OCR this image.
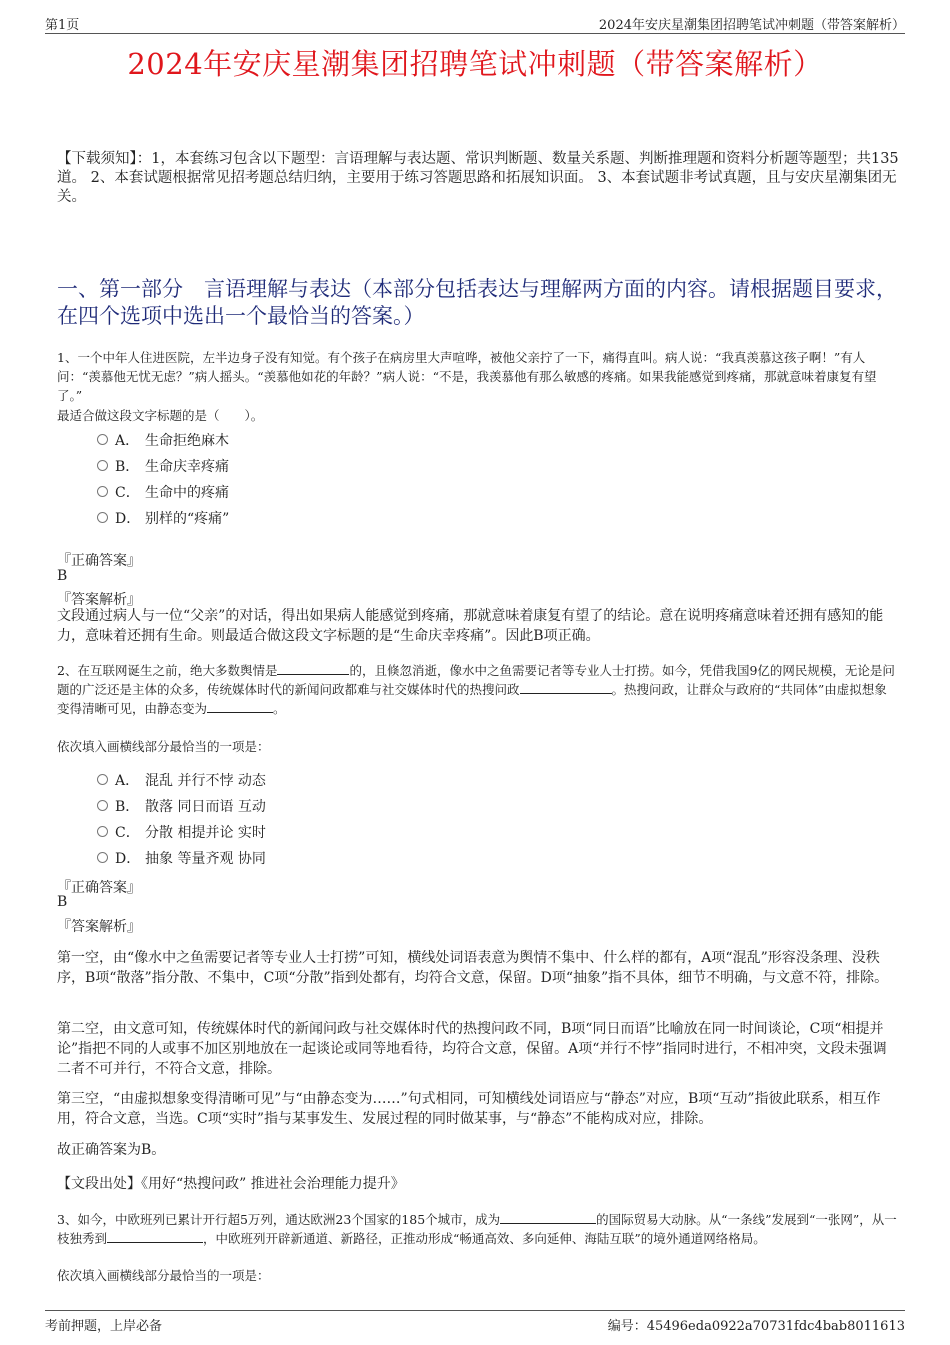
第1页	2024年安庆星潮集团招聘笔试冲刺题（带答案解析）
2024年安庆星潮集团招聘笔试冲刺题（带答案解析）
【下载须知】：1，本套练习包含以下题型：言语理解与表达题、常识判断题、数量关系题、判断推理题和资料分析题等题型；共135道。 2、本套试题根据常见招考题总结归纳，主要用于练习答题思路和拓展知识面。 3、本套试题非考试真题，且与安庆星潮集团无关。
一、第一部分　言语理解与表达（本部分包括表达与理解两方面的内容。请根据题目要求，在四个选项中选出一个最恰当的答案。）
1、一个中年人住进医院，左半边身子没有知觉。有个孩子在病房里大声喧哗，被他父亲拧了一下，痛得直叫。病人说：“我真羡慕这孩子啊！”有人问：“羡慕他无忧无虑？”病人摇头。“羡慕他如花的年龄？”病人说：“不是，我羡慕他有那么敏感的疼痛。如果我能感觉到疼痛，那就意味着康复有望了。”
最适合做这段文字标题的是（　　）。
A． 生命拒绝麻木
B． 生命庆幸疼痛
C． 生命中的疼痛
D． 别样的“疼痛”
『正确答案』
B
『答案解析』
文段通过病人与一位“父亲”的对话，得出如果病人能感觉到疼痛，那就意味着康复有望了的结论。意在说明疼痛意味着还拥有感知的能力，意味着还拥有生命。则最适合做这段文字标题的是“生命庆幸疼痛”。因此B项正确。
2、在互联网诞生之前，绝大多数舆情是	的，且倏忽消逝，像水中之鱼需要记者等专业人士打捞。如今，凭借我国9亿的网民规模，无论是问题的广泛还是主体的众多，传统媒体时代的新闻问政都难与社交媒体时代的热搜问政	。热搜问政，让群众与政府的“共同体”由虚拟想象变得清晰可见，由静态变为	。
依次填入画横线部分最恰当的一项是：
A． 混乱 并行不悖 动态
B． 散落 同日而语 互动
C． 分散 相提并论 实时
D． 抽象 等量齐观 协同
『正确答案』
B
『答案解析』
第一空，由“像水中之鱼需要记者等专业人士打捞”可知，横线处词语表意为舆情不集中、什么样的都有，A项“混乱”形容没条理、没秩序，B项“散落”指分散、不集中，C项“分散”指到处都有，均符合文意，保留。D项“抽象”指不具体，细节不明确，与文意不符，排除。
第二空，由文意可知，传统媒体时代的新闻问政与社交媒体时代的热搜问政不同，B项“同日而语”比喻放在同一时间谈论，C项“相提并论”指把不同的人或事不加区别地放在一起谈论或同等地看待，均符合文意，保留。A项“并行不悖”指同时进行，不相冲突，文段未强调二者不可并行，不符合文意，排除。
第三空，“由虚拟想象变得清晰可见”与“由静态变为……”句式相同，可知横线处词语应与“静态”对应，B项“互动”指彼此联系，相互作用，符合文意，当选。C项“实时”指与某事发生、发展过程的同时做某事，与“静态”不能构成对应，排除。
故正确答案为B。
【文段出处】《用好“热搜问政” 推进社会治理能力提升》
3、如今，中欧班列已累计开行超5万列，通达欧洲23个国家的185个城市，成为	的国际贸易大动脉。从“一条线”发展到“一张网”，从一枝独秀到	，中欧班列开辟新通道、新路径，正推动形成“畅通高效、多向延伸、海陆互联”的境外通道网络格局。
依次填入画横线部分最恰当的一项是：
考前押题，上岸必备	编号：45496eda0922a70731fdc4bab8011613
